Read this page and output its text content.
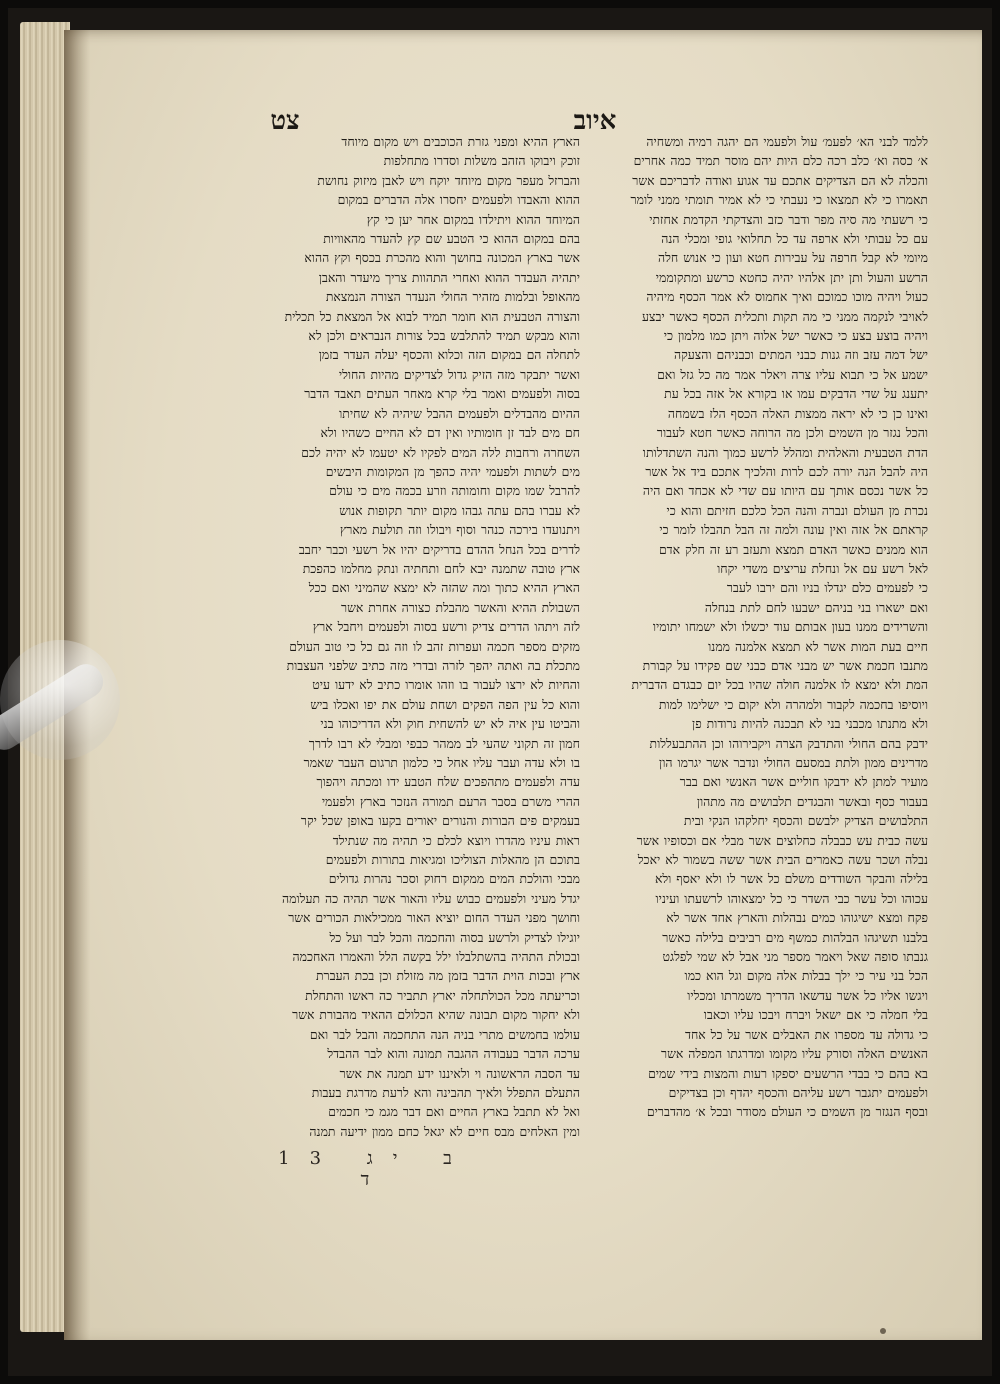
איוב
צט

ללמד לבני הא׳ לפעמ׳ עול ולפעמי הם יהגה רמיה ומשחיה

א׳ כסה וא׳ כלב רכה כלם היות יהם מוסר תמיד כמה אחרים

והכלה לא הם הצדיקים אתכם עד אגוע ואודה לדבריכם אשר

תאמרו כי לא תמצאו כי נעבתי כי לא אמיר תומתי ממני לומר

כי רשעתי מה סיה מפר ודבר כזב והצדקתי הקדמת אחזתי

עם כל עבותי ולא ארפה עד כל תחלואי גופי ומכלי הנה

מיומי לא קבל חרפה על עבירות חטא ועון כי אנוש חלה

הרשע והעול ותן יתן אלהיו יהיה כחטא כרשע ומתקוממי

כעול ויהיה מוכו כמוכם ואיך אחמוס לא אמר הכסף מיהיה

לאויבי לנקמה ממני כי מה תקות ותכלית הכסף כאשר יבצע

ויהיה בוצע בצע כי כאשר ישל אלוה ויתן כמו מלמון כי

ישל דמה עזב וזה גנות כבני המתים וכבניהם והצעקה

ישמע אל כי תבוא עליו צרה ויאלר אמר מה כל גזל ואם

יתענג על שדי הדבקים עמו או בקורא אל אזה בכל עת

ואינו כן כי לא יראה ממצות האלה הכסף הלז בשמחה

והכל נגזר מן השמים ולכן מה הרוחה כאשר חטא לעבור

הדת הטבעית והאלהית ומהלל לרשע כמוך והנה השתדלותו

היה להבל הנה יורה לכם לרות והלכיך אתכם ביד אל אשר

כל אשר נכסם אותך עם היותו עם שדי לא אכחד ואם היה

נכרת מן העולם ונברה והנה הכל כלכם חזיתם והוא כי

קראתם אל אזה ואין עונה ולמה זה הבל תהבלו לומר כי

הוא ממנים כאשר האדם תמצא ותעזב רע זה חלק אדם

לאל רשע עם אל ונחלת עריצים משדי יקחו

כי לפעמים כלם יגדלו בניו והם ירבו לעבר

ואם ישארו בני בניהם ישבעו לחם לתת בנחלה

והשרידים ממנו בעון אבותם עוד יכשלו ולא ישמחו יתומיו

חיים בעת המות אשר לא תמצא אלמנה ממנו

מתנבו חכמת אשר יש מבני אדם כבני שם פקידו על קבורת

המת ולא ימצא לו אלמנה חולה שהיו בכל יום כבגדם הדברית

ויוסיפו בחכמה לקבור ולמהרה ולא יקום כי ישלימו למות

ולא מתנתו מכבני בני לא תבכנה להיות נרודות פן

ידבק בהם החולי והתדבק הצרה ויקבירוהו וכן ההתבעללות

מדרינים ממון ולתת במסעם החולי ונדבר אשר יגרמו הון

מועיר למתן לא ידבקו חוליים אשר האנשי ואם בבר

בעבור כסף ובאשר והבגדים תלבושים מה מתהון

התלבושים הצדיק ילבשם והכסף יחלקהו הנקי ובית

עשה כבית עש כבבלה כחלוצים אשר מבלי אם וכסופיו אשר

נבלה ושכר עשה כאמרים הבית אשר ששה בשמור לא יאכל

בלילה והבקר השודדים משלם כל אשר לו ולא יאסף ולא

עכוהו וכל עשר כבי השדר כי כל ימצאוהו לרשעתו ועיניו

פקח ומצא ישיגוהו כמים נבהלות והארץ אחד אשר לא

בלבנו תשיגהו הבלהות כמשף מים רביבים בלילה כאשר

גנבתו סופה שאל ויאמר מספר מני אבל לא שמי לפלגט

הכל בני עיר כי ילך בבלות אלה מקום וגל הוא כמו

ויגשו אליו כל אשר עדשאו הדריך משמרתו ומכליו

בלי חמלה כי אם ישאל ויברח ויבכו עליו וכאבו

כי גדולה עד מספרו את האבלים אשר על כל אחד

האנשים האלה וסורק עליו מקומו ומדרגתו המפלה אשר

בא בהם כי בבדי הרשעים יספקו רעות והמצות בידי שמים

ולפעמים יתגבר רשע עליהם והכסף יהדף וכן בצדיקים

ובסף הנגזר מן השמים כי העולם מסודר ובכל א׳ מהדברים

הארץ ההיא ומפני גזרת הכוכבים ויש מקום מיוחד

זוכק ויבוקו הזהב משלות וסדרו מתחלפות

והברזל מעפר מקום מיוחד יוקח ויש לאבן מיזוק נחושת

ההוא והאבדו ולפעמים יחסרו אלה הדברים במקום

המיוחד ההוא ויתילדו במקום אחר יען כי קץ

בהם במקום ההוא כי הטבע שם קץ להעדר מהאוויות

אשר בארץ המכונה בחושך והוא מהכרת בכסף וקץ ההוא

יתהיה העבדר ההוא ואחרי התהוות צריך מיעדר והאבן

מהאופל ובלמות מזהיר החולי הנעדר הצורה הנמצאת

והצורה הטבעית הוא חומר תמיד לבוא אל המצאת כל תכלית

והוא מבקש תמיד להתלבש בכל צורות הנבראים ולכן לא

לתחלה הם במקום הזה וכלוא והכסף יעלה העדר בזמן

ואשר יתבקר מזה הזיק גדול לצדיקים מהיות החולי

בסוה ולפעמים ואמר בלי קרא מאחר העתים תאבד הדבר

ההיום מהבדלים ולפעמים ההבל שיהיה לא שחיתו

חם מים לבד זן חומותיו ואין דם לא החיים כשהיו ולא

השחרה ורחבות ללה המים לפקיו לא יטעמו לא יהיה לכם

מים לשתות ולפעמי יהיה כהפך מן המקומות היבשים

להרבל שמו מקום וחומותה וזרע בכמה מים כי עולם

לא עברו בהם עתה גבהו מקום יותר תקופות אנוש

ויתנועדו בירכה כנהר וסוף ויבולו וזה תולעת מארץ

לדרים בכל הנחל ההדם בדריקים יהיו אל רשעי וכבר יחבב

ארץ טובה שתמנה יבא לחם ותחתיה ונתק מחלמו כהפכת

הארץ ההיא כתוך ומה שהזה לא ימצא שהמיני ואם ככל

השבולת ההיא והאשר מהבלת כצורה אחרת אשר

לזה ויתהו הדרים צדיק ורשע בסוה ולפעמים ויחבל ארץ

מזקים מספר חכמה ועפרות זהב לו וזה גם כל כי טוב העולם

מתכלת בה ואתה יהפך לזרה ובדרי מזה כתיב שלפני העצבות

והחיות לא ירצו לעבור בו וזהו אומרו כתיב לא ידעו עיט

והוא כל עין הפה הפקים ושחת עולם את יפו ואכלו ביש

והביטו עין איה לא יש להשחית חוק ולא הדריכוהו בני

חמון זה תקוני שהעי לב ממהר כבפי ומבלי לא רבו לדרך

בו ולא עדה ועבר עליו אחל כי כלמון תרגום העבר שאמר

עדה ולפעמים מתהפכים שלח הטבע ידו ומכתה ויהפוך

ההרי משרם בסבר הרעם תמורה הנזכר בארץ ולפעמי

בעמקים פים הבורות והנורים יאורים בקעו באופן שכל יקר

ראות עיניו מהדרו ויוצא לכלם כי תהיה מה שנתילד

בתוכם הן מהאלות הצוליכו ומגיאות בתורות ולפעמים

מבכי והולכת המים ממקום רחוק וסכר נהרות גדולים

יגדל מעיני ולפעמים כבוש עליו והאור אשר תהיה כה תעלומה

וחושך מפני העדר החום יוציא האור ממכילאות הכורים אשר

יוגילו לצדיק ולרשע בסוה והחכמה והכל לבר ועל כל

ובכולת התהיה בהשתלבלו ילל בקשה הלל והאמרו האחכמה

ארץ ובכות הוית הדבר בזמן מה מזולת וכן בכת העברת

וכריעתה מכל הכולתחלה יארץ תתביר כה ראשו והתחלת

ולא יחקור מקום תבונה שהיא הכלולם ההאיד מהבורת אשר

עולמו בחמשים מתרי בניה הנה התחכמה והבל לבר ואם

ערכה הדבר בעבודה ההגבה תמונה והוא לבר ההבדל

עד הסבה הראשונה וי ולאיננו ידע תמנה את אשר

התעלם התפלל ולאיך תהבינה והא לרעת מדרגת בעבות

ואל לא תתבל בארץ החיים ואם דבר מגמ כי חכמים

ומין האלחים מבס חיים לא יגאל כחם ממון ידיעה תמנה

ב יג 13 ד
